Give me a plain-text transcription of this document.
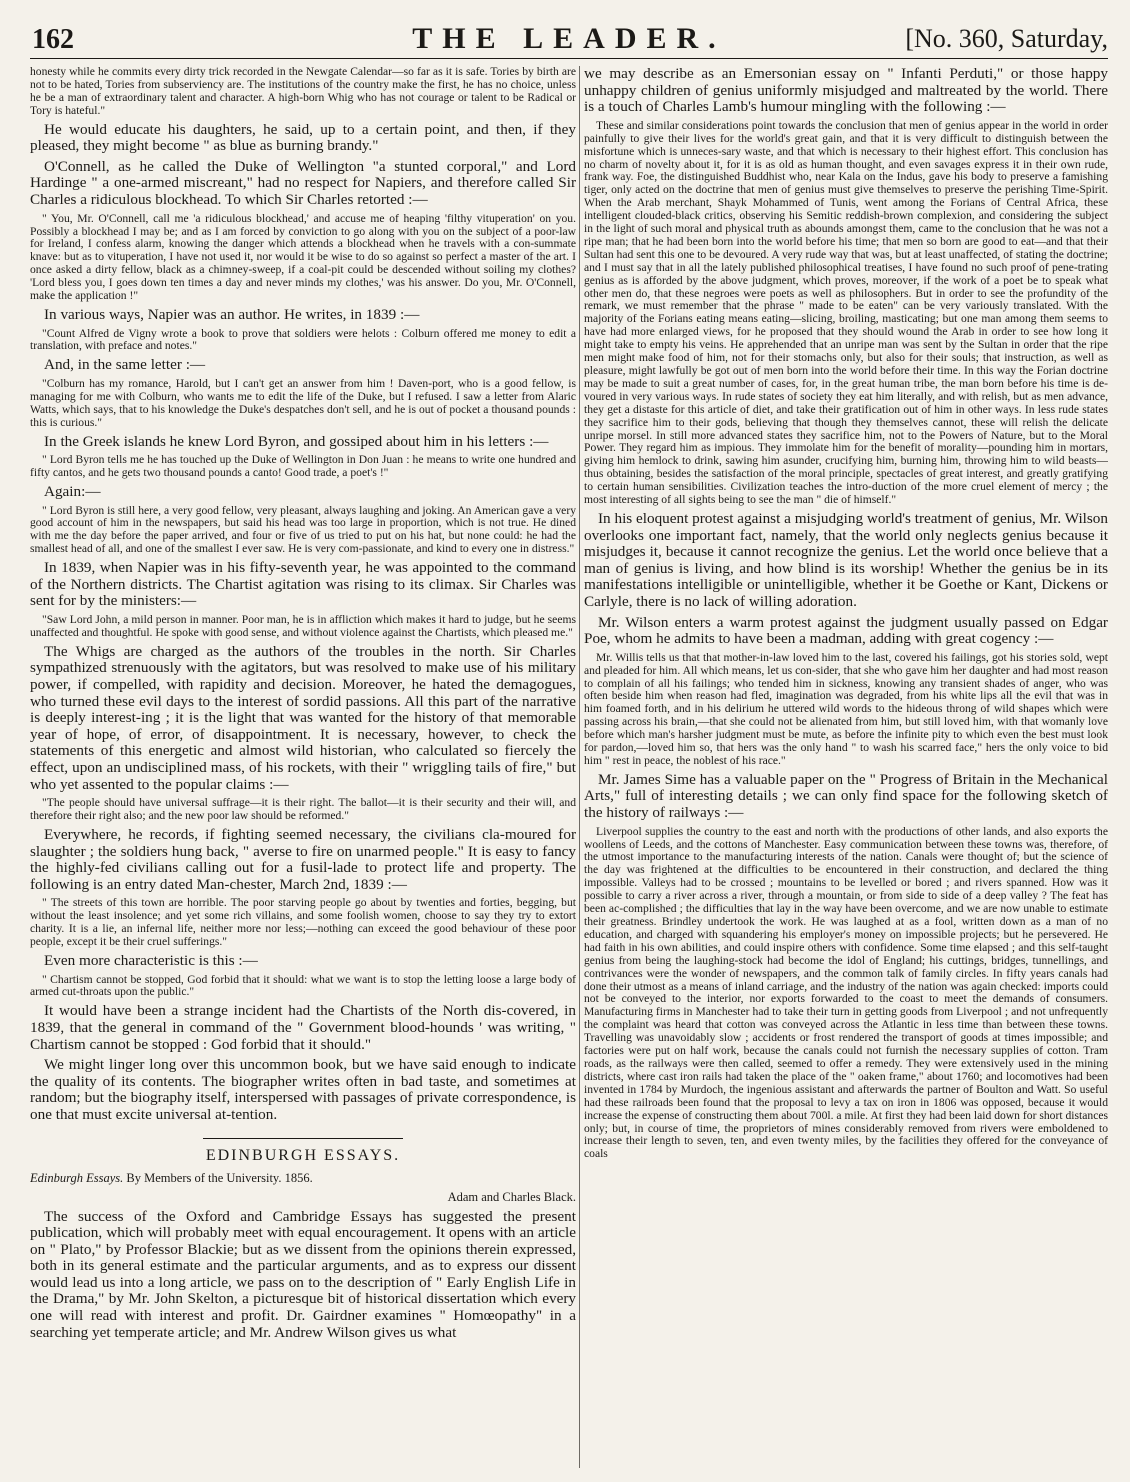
162	THE LEADER.	[No. 360, Saturday,

honesty while he commits every dirty trick recorded in the Newgate Calendar—so far as it is safe. Tories by birth are not to be hated, Tories from subserviency are. The institutions of the country make the first, he has no choice, unless he be a man of extraordinary talent and character. A high-born Whig who has not courage or talent to be Radical or Tory is hateful."

He would educate his daughters, he said, up to a certain point, and then, if they pleased, they might become " as blue as burning brandy."

O'Connell, as he called the Duke of Wellington "a stunted corporal," and Lord Hardinge " a one-armed miscreant," had no respect for Napiers, and therefore called Sir Charles a ridiculous blockhead. To which Sir Charles retorted :—

" You, Mr. O'Connell, call me 'a ridiculous blockhead,' and accuse me of heaping 'filthy vituperation' on you. Possibly a blockhead I may be; and as I am forced by conviction to go along with you on the subject of a poor-law for Ireland, I confess alarm, knowing the danger which attends a blockhead when he travels with a con-summate knave: but as to vituperation, I have not used it, nor would it be wise to do so against so perfect a master of the art. I once asked a dirty fellow, black as a chimney-sweep, if a coal-pit could be descended without soiling my clothes? 'Lord bless you, I goes down ten times a day and never minds my clothes,' was his answer. Do you, Mr. O'Connell, make the application !"

In various ways, Napier was an author. He writes, in 1839 :—

"Count Alfred de Vigny wrote a book to prove that soldiers were helots : Colburn offered me money to edit a translation, with preface and notes."

And, in the same letter :—

"Colburn has my romance, Harold, but I can't get an answer from him ! Daven-port, who is a good fellow, is managing for me with Colburn, who wants me to edit the life of the Duke, but I refused. I saw a letter from Alaric Watts, which says, that to his knowledge the Duke's despatches don't sell, and he is out of pocket a thousand pounds : this is curious."

In the Greek islands he knew Lord Byron, and gossiped about him in his letters :—

" Lord Byron tells me he has touched up the Duke of Wellington in Don Juan : he means to write one hundred and fifty cantos, and he gets two thousand pounds a canto! Good trade, a poet's !"

Again:—

" Lord Byron is still here, a very good fellow, very pleasant, always laughing and joking. An American gave a very good account of him in the newspapers, but said his head was too large in proportion, which is not true. He dined with me the day before the paper arrived, and four or five of us tried to put on his hat, but none could: he had the smallest head of all, and one of the smallest I ever saw. He is very com-passionate, and kind to every one in distress."

In 1839, when Napier was in his fifty-seventh year, he was appointed to the command of the Northern districts. The Chartist agitation was rising to its climax. Sir Charles was sent for by the ministers:—

"Saw Lord John, a mild person in manner. Poor man, he is in affliction which makes it hard to judge, but he seems unaffected and thoughtful. He spoke with good sense, and without violence against the Chartists, which pleased me."

The Whigs are charged as the authors of the troubles in the north. Sir Charles sympathized strenuously with the agitators, but was resolved to make use of his military power, if compelled, with rapidity and decision. Moreover, he hated the demagogues, who turned these evil days to the interest of sordid passions. All this part of the narrative is deeply interest-ing ; it is the light that was wanted for the history of that memorable year of hope, of error, of disappointment. It is necessary, however, to check the statements of this energetic and almost wild historian, who calculated so fiercely the effect, upon an undisciplined mass, of his rockets, with their " wriggling tails of fire," but who yet assented to the popular claims :—

"The people should have universal suffrage—it is their right. The ballot—it is their security and their will, and therefore their right also; and the new poor law should be reformed."

Everywhere, he records, if fighting seemed necessary, the civilians cla-moured for slaughter ; the soldiers hung back, " averse to fire on unarmed people." It is easy to fancy the highly-fed civilians calling out for a fusil-lade to protect life and property. The following is an entry dated Man-chester, March 2nd, 1839 :—

" The streets of this town are horrible. The poor starving people go about by twenties and forties, begging, but without the least insolence; and yet some rich villains, and some foolish women, choose to say they try to extort charity. It is a lie, an infernal life, neither more nor less;—nothing can exceed the good behaviour of these poor people, except it be their cruel sufferings."

Even more characteristic is this :—

" Chartism cannot be stopped, God forbid that it should: what we want is to stop the letting loose a large body of armed cut-throats upon the public."

It would have been a strange incident had the Chartists of the North dis-covered, in 1839, that the general in command of the " Government blood-hounds ' was writing, " Chartism cannot be stopped : God forbid that it should."

We might linger long over this uncommon book, but we have said enough to indicate the quality of its contents. The biographer writes often in bad taste, and sometimes at random; but the biography itself, interspersed with passages of private correspondence, is one that must excite universal at-tention.

EDINBURGH ESSAYS.

Edinburgh Essays. By Members of the University. 1856.

Adam and Charles Black.

The success of the Oxford and Cambridge Essays has suggested the present publication, which will probably meet with equal encouragement. It opens with an article on " Plato," by Professor Blackie; but as we dissent from the opinions therein expressed, both in its general estimate and the particular arguments, and as to express our dissent would lead us into a long article, we pass on to the description of " Early English Life in the Drama," by Mr. John Skelton, a picturesque bit of historical dissertation which every one will read with interest and profit. Dr. Gairdner examines " Homœopathy" in a searching yet temperate article; and Mr. Andrew Wilson gives us what

we may describe as an Emersonian essay on " Infanti Perduti," or those happy unhappy children of genius uniformly misjudged and maltreated by the world. There is a touch of Charles Lamb's humour mingling with the following :—

These and similar considerations point towards the conclusion that men of genius appear in the world in order painfully to give their lives for the world's great gain, and that it is very difficult to distinguish between the misfortune which is unneces-sary waste, and that which is necessary to their highest effort. This conclusion has no charm of novelty about it, for it is as old as human thought, and even savages express it in their own rude, frank way. Foe, the distinguished Buddhist who, near Kala on the Indus, gave his body to preserve a famishing tiger, only acted on the doctrine that men of genius must give themselves to preserve the perishing Time-Spirit. When the Arab merchant, Shayk Mohammed of Tunis, went among the Forians of Central Africa, these intelligent clouded-black critics, observing his Semitic reddish-brown complexion, and considering the subject in the light of such moral and physical truth as abounds amongst them, came to the conclusion that he was not a ripe man; that he had been born into the world before his time; that men so born are good to eat—and that their Sultan had sent this one to be devoured. A very rude way that was, but at least unaffected, of stating the doctrine; and I must say that in all the lately published philosophical treatises, I have found no such proof of pene-trating genius as is afforded by the above judgment, which proves, moreover, if the work of a poet be to speak what other men do, that these negroes were poets as well as philosophers. But in order to see the profundity of the remark, we must remember that the phrase " made to be eaten" can be very variously translated. With the majority of the Forians eating means eating—slicing, broiling, masticating; but one man among them seems to have had more enlarged views, for he proposed that they should wound the Arab in order to see how long it might take to empty his veins. He apprehended that an unripe man was sent by the Sultan in order that the ripe men might make food of him, not for their stomachs only, but also for their souls; that instruction, as well as pleasure, might lawfully be got out of men born into the world before their time. In this way the Forian doctrine may be made to suit a great number of cases, for, in the great human tribe, the man born before his time is de-voured in very various ways. In rude states of society they eat him literally, and with relish, but as men advance, they get a distaste for this article of diet, and take their gratification out of him in other ways. In less rude states they sacrifice him to their gods, believing that though they themselves cannot, these will relish the delicate unripe morsel. In still more advanced states they sacrifice him, not to the Powers of Nature, but to the Moral Power. They regard him as impious. They immolate him for the benefit of morality—pounding him in mortars, giving him hemlock to drink, sawing him asunder, crucifying him, burning him, throwing him to wild beasts—thus obtaining, besides the satisfaction of the moral principle, spectacles of great interest, and greatly gratifying to certain human sensibilities. Civilization teaches the intro-duction of the more cruel element of mercy ; the most interesting of all sights being to see the man " die of himself."

In his eloquent protest against a misjudging world's treatment of genius, Mr. Wilson overlooks one important fact, namely, that the world only neglects genius because it misjudges it, because it cannot recognize the genius. Let the world once believe that a man of genius is living, and how blind is its worship! Whether the genius be in its manifestations intelligible or unintelligible, whether it be Goethe or Kant, Dickens or Carlyle, there is no lack of willing adoration.

Mr. Wilson enters a warm protest against the judgment usually passed on Edgar Poe, whom he admits to have been a madman, adding with great cogency :—

Mr. Willis tells us that that mother-in-law loved him to the last, covered his failings, got his stories sold, wept and pleaded for him. All which means, let us con-sider, that she who gave him her daughter and had most reason to complain of all his failings; who tended him in sickness, knowing any transient shades of anger, who was often beside him when reason had fled, imagination was degraded, from his white lips all the evil that was in him foamed forth, and in his delirium he uttered wild words to the hideous throng of wild shapes which were passing across his brain,—that she could not be alienated from him, but still loved him, with that womanly love before which man's harsher judgment must be mute, as before the infinite pity to which even the best must look for pardon,—loved him so, that hers was the only hand " to wash his scarred face," hers the only voice to bid him " rest in peace, the noblest of his race."

Mr. James Sime has a valuable paper on the " Progress of Britain in the Mechanical Arts," full of interesting details ; we can only find space for the following sketch of the history of railways :—

Liverpool supplies the country to the east and north with the productions of other lands, and also exports the woollens of Leeds, and the cottons of Manchester. Easy communication between these towns was, therefore, of the utmost importance to the manufacturing interests of the nation. Canals were thought of; but the science of the day was frightened at the difficulties to be encountered in their construction, and declared the thing impossible. Valleys had to be crossed ; mountains to be levelled or bored ; and rivers spanned. How was it possible to carry a river across a river, through a mountain, or from side to side of a deep valley ? The feat has been ac-complished ; the difficulties that lay in the way have been overcome, and we are now unable to estimate their greatness. Brindley undertook the work. He was laughed at as a fool, written down as a man of no education, and charged with squandering his employer's money on impossible projects; but he persevered. He had faith in his own abilities, and could inspire others with confidence. Some time elapsed ; and this self-taught genius from being the laughing-stock had become the idol of England; his cuttings, bridges, tunnellings, and contrivances were the wonder of newspapers, and the common talk of family circles. In fifty years canals had done their utmost as a means of inland carriage, and the industry of the nation was again checked: imports could not be conveyed to the interior, nor exports forwarded to the coast to meet the demands of consumers. Manufacturing firms in Manchester had to take their turn in getting goods from Liverpool ; and not unfrequently the complaint was heard that cotton was conveyed across the Atlantic in less time than between these towns. Travelling was unavoidably slow ; accidents or frost rendered the transport of goods at times impossible; and factories were put on half work, because the canals could not furnish the necessary supplies of cotton. Tram roads, as the railways were then called, seemed to offer a remedy. They were extensively used in the mining districts, where cast iron rails had taken the place of the " oaken frame," about 1760; and locomotives had been invented in 1784 by Murdoch, the ingenious assistant and afterwards the partner of Boulton and Watt. So useful had these railroads been found that the proposal to levy a tax on iron in 1806 was opposed, because it would increase the expense of constructing them about 700l. a mile. At first they had been laid down for short distances only; but, in course of time, the proprietors of mines considerably removed from rivers were emboldened to increase their length to seven, ten, and even twenty miles, by the facilities they offered for the conveyance of coals
